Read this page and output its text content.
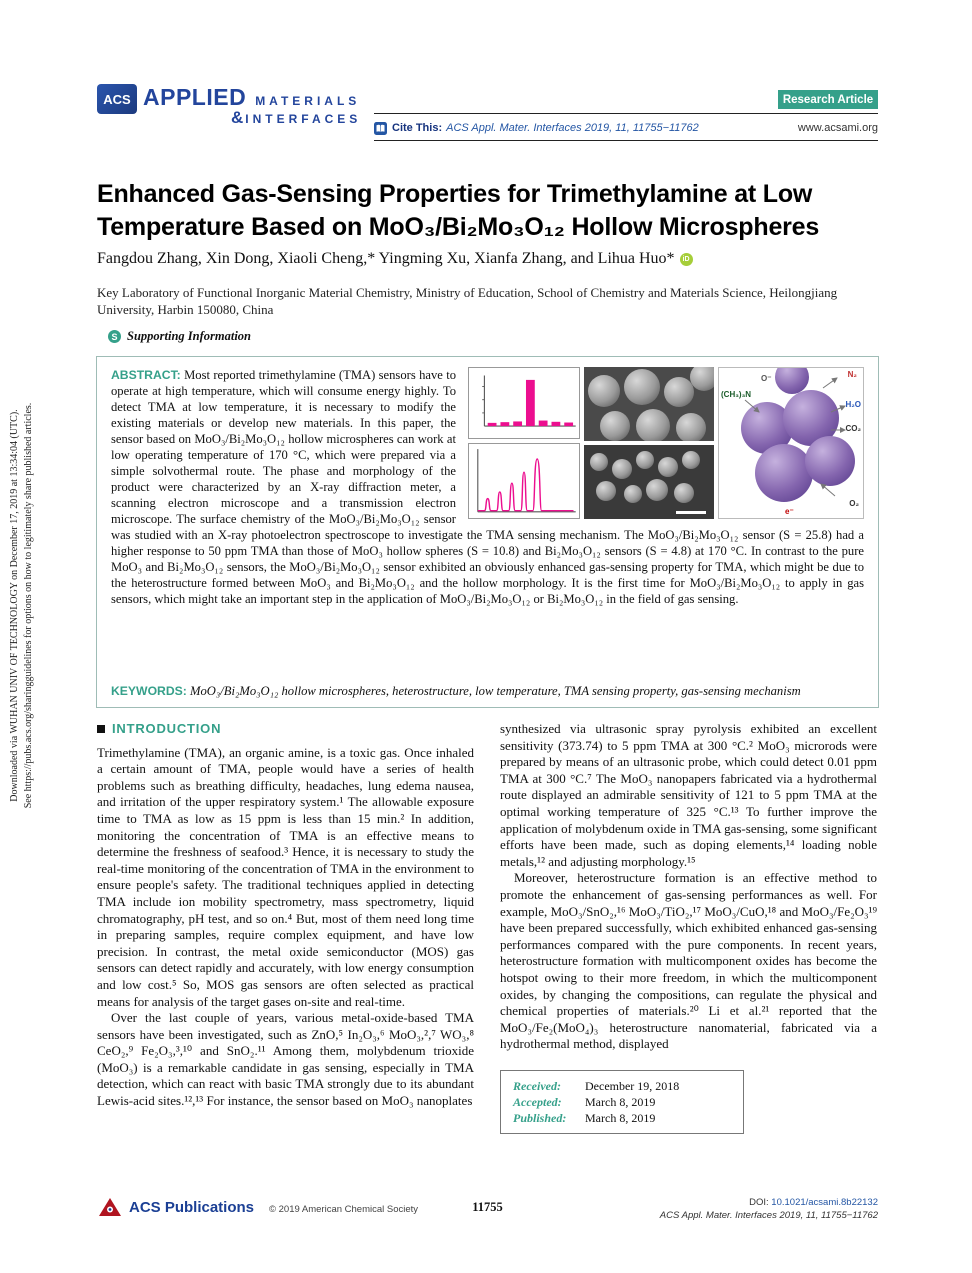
Downloaded via WUHAN UNIV OF TECHNOLOGY on December 17, 2019 at 13:34:04 (UTC). See https://pubs.acs.org/sharingguidelines for options on how to legitimately share published articles.
ACS APPLIED MATERIALS
& INTERFACES
Research Article
Cite This: ACS Appl. Mater. Interfaces 2019, 11, 11755−11762	www.acsami.org
Enhanced Gas-Sensing Properties for Trimethylamine at Low Temperature Based on MoO₃/Bi₂Mo₃O₁₂ Hollow Microspheres
Fangdou Zhang, Xin Dong, Xiaoli Cheng,* Yingming Xu, Xianfa Zhang, and Lihua Huo*	iD
Key Laboratory of Functional Inorganic Material Chemistry, Ministry of Education, School of Chemistry and Materials Science, Heilongjiang University, Harbin 150080, China
S Supporting Information
(CH₃)₃N
N₂
H₂O
CO₂
O₂
e⁻
O⁻
ABSTRACT: Most reported trimethylamine (TMA) sensors have to operate at high temperature, which will consume energy highly. To detect TMA at low temperature, it is necessary to modify the existing materials or develop new materials. In this paper, the sensor based on MoO₃/Bi₂Mo₃O₁₂ hollow microspheres can work at low operating temperature of 170 °C, which were prepared via a simple solvothermal route. The phase and morphology of the product were characterized by an X-ray diffraction meter, a scanning electron microscope and a transmission electron microscope. The surface chemistry of the MoO₃/Bi₂Mo₃O₁₂ sensor was studied with an X-ray photoelectron spectroscope to investigate the TMA sensing mechanism. The MoO₃/Bi₂Mo₃O₁₂ sensor (S = 25.8) had a higher response to 50 ppm TMA than those of MoO₃ hollow spheres (S = 10.8) and Bi₂Mo₃O₁₂ sensors (S = 4.8) at 170 °C. In contrast to the pure MoO₃ and Bi₂Mo₃O₁₂ sensors, the MoO₃/Bi₂Mo₃O₁₂ sensor exhibited an obviously enhanced gas-sensing property for TMA, which might be due to the heterostructure formed between MoO₃ and Bi₂Mo₃O₁₂ and the hollow morphology. It is the first time for MoO₃/Bi₂Mo₃O₁₂ to apply in gas sensors, which might take an important step in the application of MoO₃/Bi₂Mo₃O₁₂ or Bi₂Mo₃O₁₂ in the field of gas sensing.
KEYWORDS: MoO₃/Bi₂Mo₃O₁₂ hollow microspheres, heterostructure, low temperature, TMA sensing property, gas-sensing mechanism
INTRODUCTION

Trimethylamine (TMA), an organic amine, is a toxic gas. Once inhaled a certain amount of TMA, people would have a series of health problems such as breathing difficulty, headaches, lung edema nausea, and irritation of the upper respiratory system.¹ The allowable exposure time to TMA as low as 15 ppm is less than 15 min.² In addition, monitoring the concentration of TMA is an effective means to determine the freshness of seafood.³ Hence, it is necessary to study the real-time monitoring of the concentration of TMA in the environment to ensure people's safety. The traditional techniques applied in detecting TMA include ion mobility spectrometry, mass spectrometry, liquid chromatography, pH test, and so on.⁴ But, most of them need long time in preparing samples, require complex equipment, and have low precision. In contrast, the metal oxide semiconductor (MOS) gas sensors can detect rapidly and accurately, with low energy consumption and low cost.⁵ So, MOS gas sensors are often selected as practical means for analysis of the target gases on-site and real-time.

Over the last couple of years, various metal-oxide-based TMA sensors have been investigated, such as ZnO,⁵ In₂O₃,⁶ MoO₃,²,⁷ WO₃,⁸ CeO₂,⁹ Fe₂O₃,³,¹⁰ and SnO₂.¹¹ Among them, molybdenum trioxide (MoO₃) is a remarkable candidate in gas sensing, especially in TMA detection, which can react with basic TMA strongly due to its abundant Lewis-acid sites.¹²,¹³ For instance, the sensor based on MoO₃ nanoplates

synthesized via ultrasonic spray pyrolysis exhibited an excellent sensitivity (373.74) to 5 ppm TMA at 300 °C.² MoO₃ microrods were prepared by means of an ultrasonic probe, which could detect 0.01 ppm TMA at 300 °C.⁷ The MoO₃ nanopapers fabricated via a hydrothermal route displayed an admirable sensitivity of 121 to 5 ppm TMA at the optimal working temperature of 325 °C.¹³ To further improve the application of molybdenum oxide in TMA gas-sensing, some significant efforts have been made, such as doping elements,¹⁴ loading noble metals,¹² and adjusting morphology.¹⁵

Moreover, heterostructure formation is an effective method to promote the enhancement of gas-sensing performances as well. For example, MoO₃/SnO₂,¹⁶ MoO₃/TiO₂,¹⁷ MoO₃/CuO,¹⁸ and MoO₃/Fe₂O₃¹⁹ have been prepared successfully, which exhibited enhanced gas-sensing performances compared with the pure components. In recent years, heterostructure formation with multicomponent oxides has become the hotspot owing to their more freedom, in which the multicomponent oxides, by changing the compositions, can regulate the physical and chemical properties of materials.²⁰ Li et al.²¹ reported that the MoO₃/Fe₂(MoO₄)₃ heterostructure nanomaterial, fabricated via a hydrothermal method, displayed

Received:	December 19, 2018
Accepted:	March 8, 2019
Published:	March 8, 2019
ACS Publications © 2019 American Chemical Society	11755	DOI: 10.1021/acsami.8b22132
ACS Appl. Mater. Interfaces 2019, 11, 11755−11762
